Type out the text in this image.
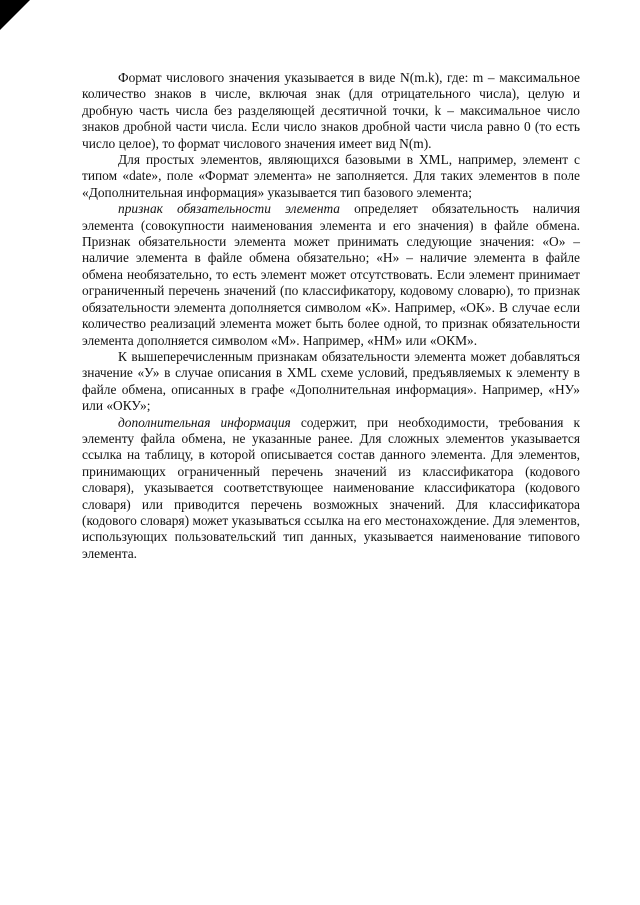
Формат числового значения указывается в виде N(m.k), где: m – максимальное количество знаков в числе, включая знак (для отрицательного числа), целую и дробную часть числа без разделяющей десятичной точки, k – максимальное число знаков дробной части числа. Если число знаков дробной части числа равно 0 (то есть число целое), то формат числового значения имеет вид N(m).

Для простых элементов, являющихся базовыми в XML, например, элемент с типом «date», поле «Формат элемента» не заполняется. Для таких элементов в поле «Дополнительная информация» указывается тип базового элемента;

признак обязательности элемента определяет обязательность наличия элемента (совокупности наименования элемента и его значения) в файле обмена. Признак обязательности элемента может принимать следующие значения: «О» – наличие элемента в файле обмена обязательно; «Н» – наличие элемента в файле обмена необязательно, то есть элемент может отсутствовать. Если элемент принимает ограниченный перечень значений (по классификатору, кодовому словарю), то признак обязательности элемента дополняется символом «К». Например, «ОК». В случае если количество реализаций элемента может быть более одной, то признак обязательности элемента дополняется символом «М». Например, «НМ» или «ОКМ».

К вышеперечисленным признакам обязательности элемента может добавляться значение «У» в случае описания в XML схеме условий, предъявляемых к элементу в файле обмена, описанных в графе «Дополнительная информация». Например, «НУ» или «ОКУ»;

дополнительная информация содержит, при необходимости, требования к элементу файла обмена, не указанные ранее. Для сложных элементов указывается ссылка на таблицу, в которой описывается состав данного элемента. Для элементов, принимающих ограниченный перечень значений из классификатора (кодового словаря), указывается соответствующее наименование классификатора (кодового словаря) или приводится перечень возможных значений. Для классификатора (кодового словаря) может указываться ссылка на его местонахождение. Для элементов, использующих пользовательский тип данных, указывается наименование типового элемента.
